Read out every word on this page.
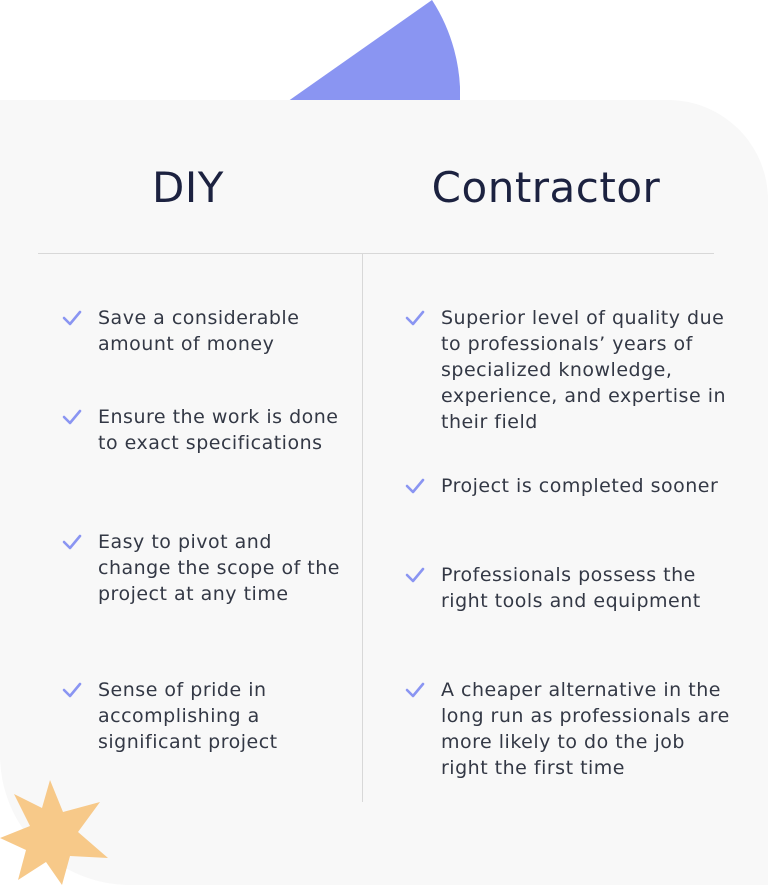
DIY	Contractor
Save a considerable amount of money
Ensure the work is done to exact specifications
Easy to pivot and change the scope of the project at any time
Sense of pride in accomplishing a significant project
Superior level of quality due to professionals’ years of specialized knowledge, experience, and expertise in their field
Project is completed sooner
Professionals possess the right tools and equipment
A cheaper alternative in the long run as professionals are more likely to do the job right the first time
